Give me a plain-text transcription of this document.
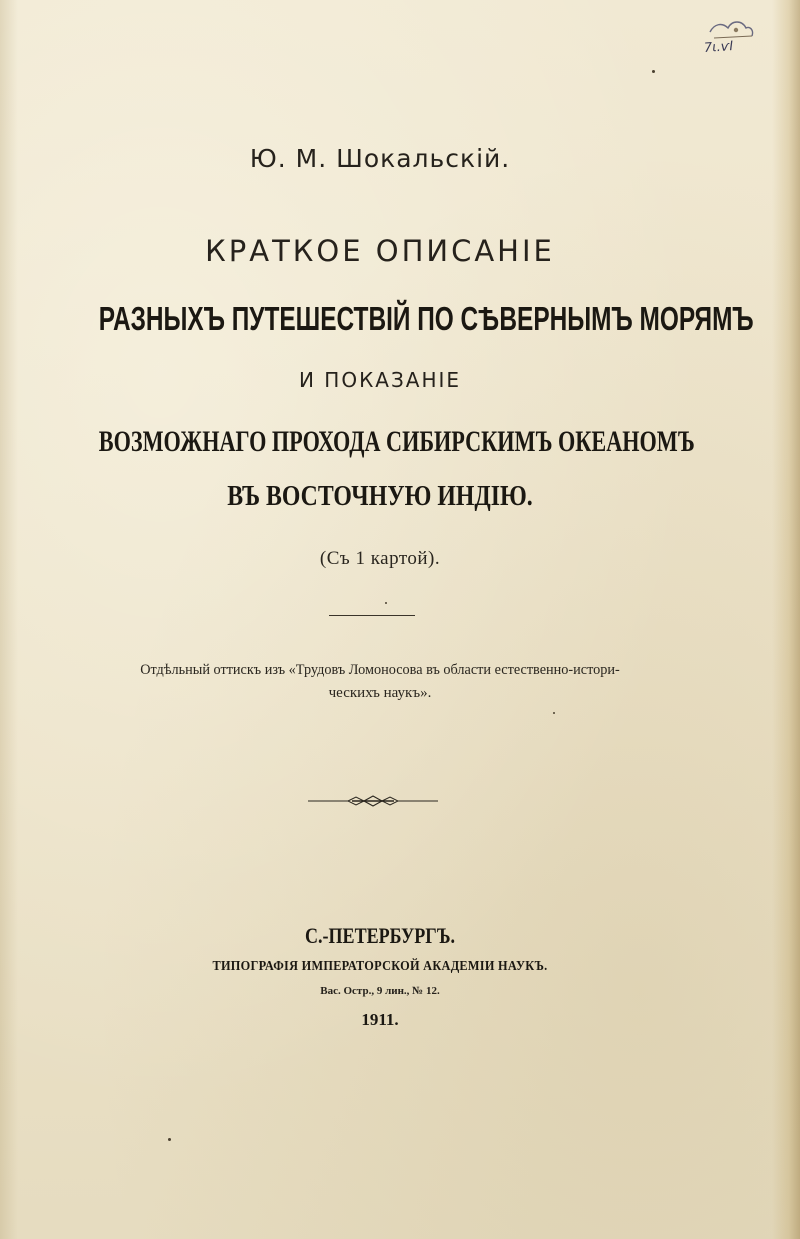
7ι.ѵΙ
Ю. М. Шокальскій.
КРАТКОЕ ОПИСАНІЕ
РАЗНЫХЪ ПУТЕШЕСТВІЙ ПО СѢВЕРНЫМЪ МОРЯМЪ
И ПОКАЗАНІЕ
ВОЗМОЖНАГО ПРОХОДА СИБИРСКИМЪ ОКЕАНОМЪ
ВЪ ВОСТОЧНУЮ ИНДІЮ.
(Съ 1 картой).
Отдѣльный оттискъ изъ «Трудовъ Ломоносова въ области естественно-истори-
ческихъ наукъ».
С.-ПЕТЕРБУРГЪ.
ТИПОГРАФІЯ ИМПЕРАТОРСКОЙ АКАДЕМІИ НАУКЪ.
Вас. Остр., 9 лин., № 12.
1911.
